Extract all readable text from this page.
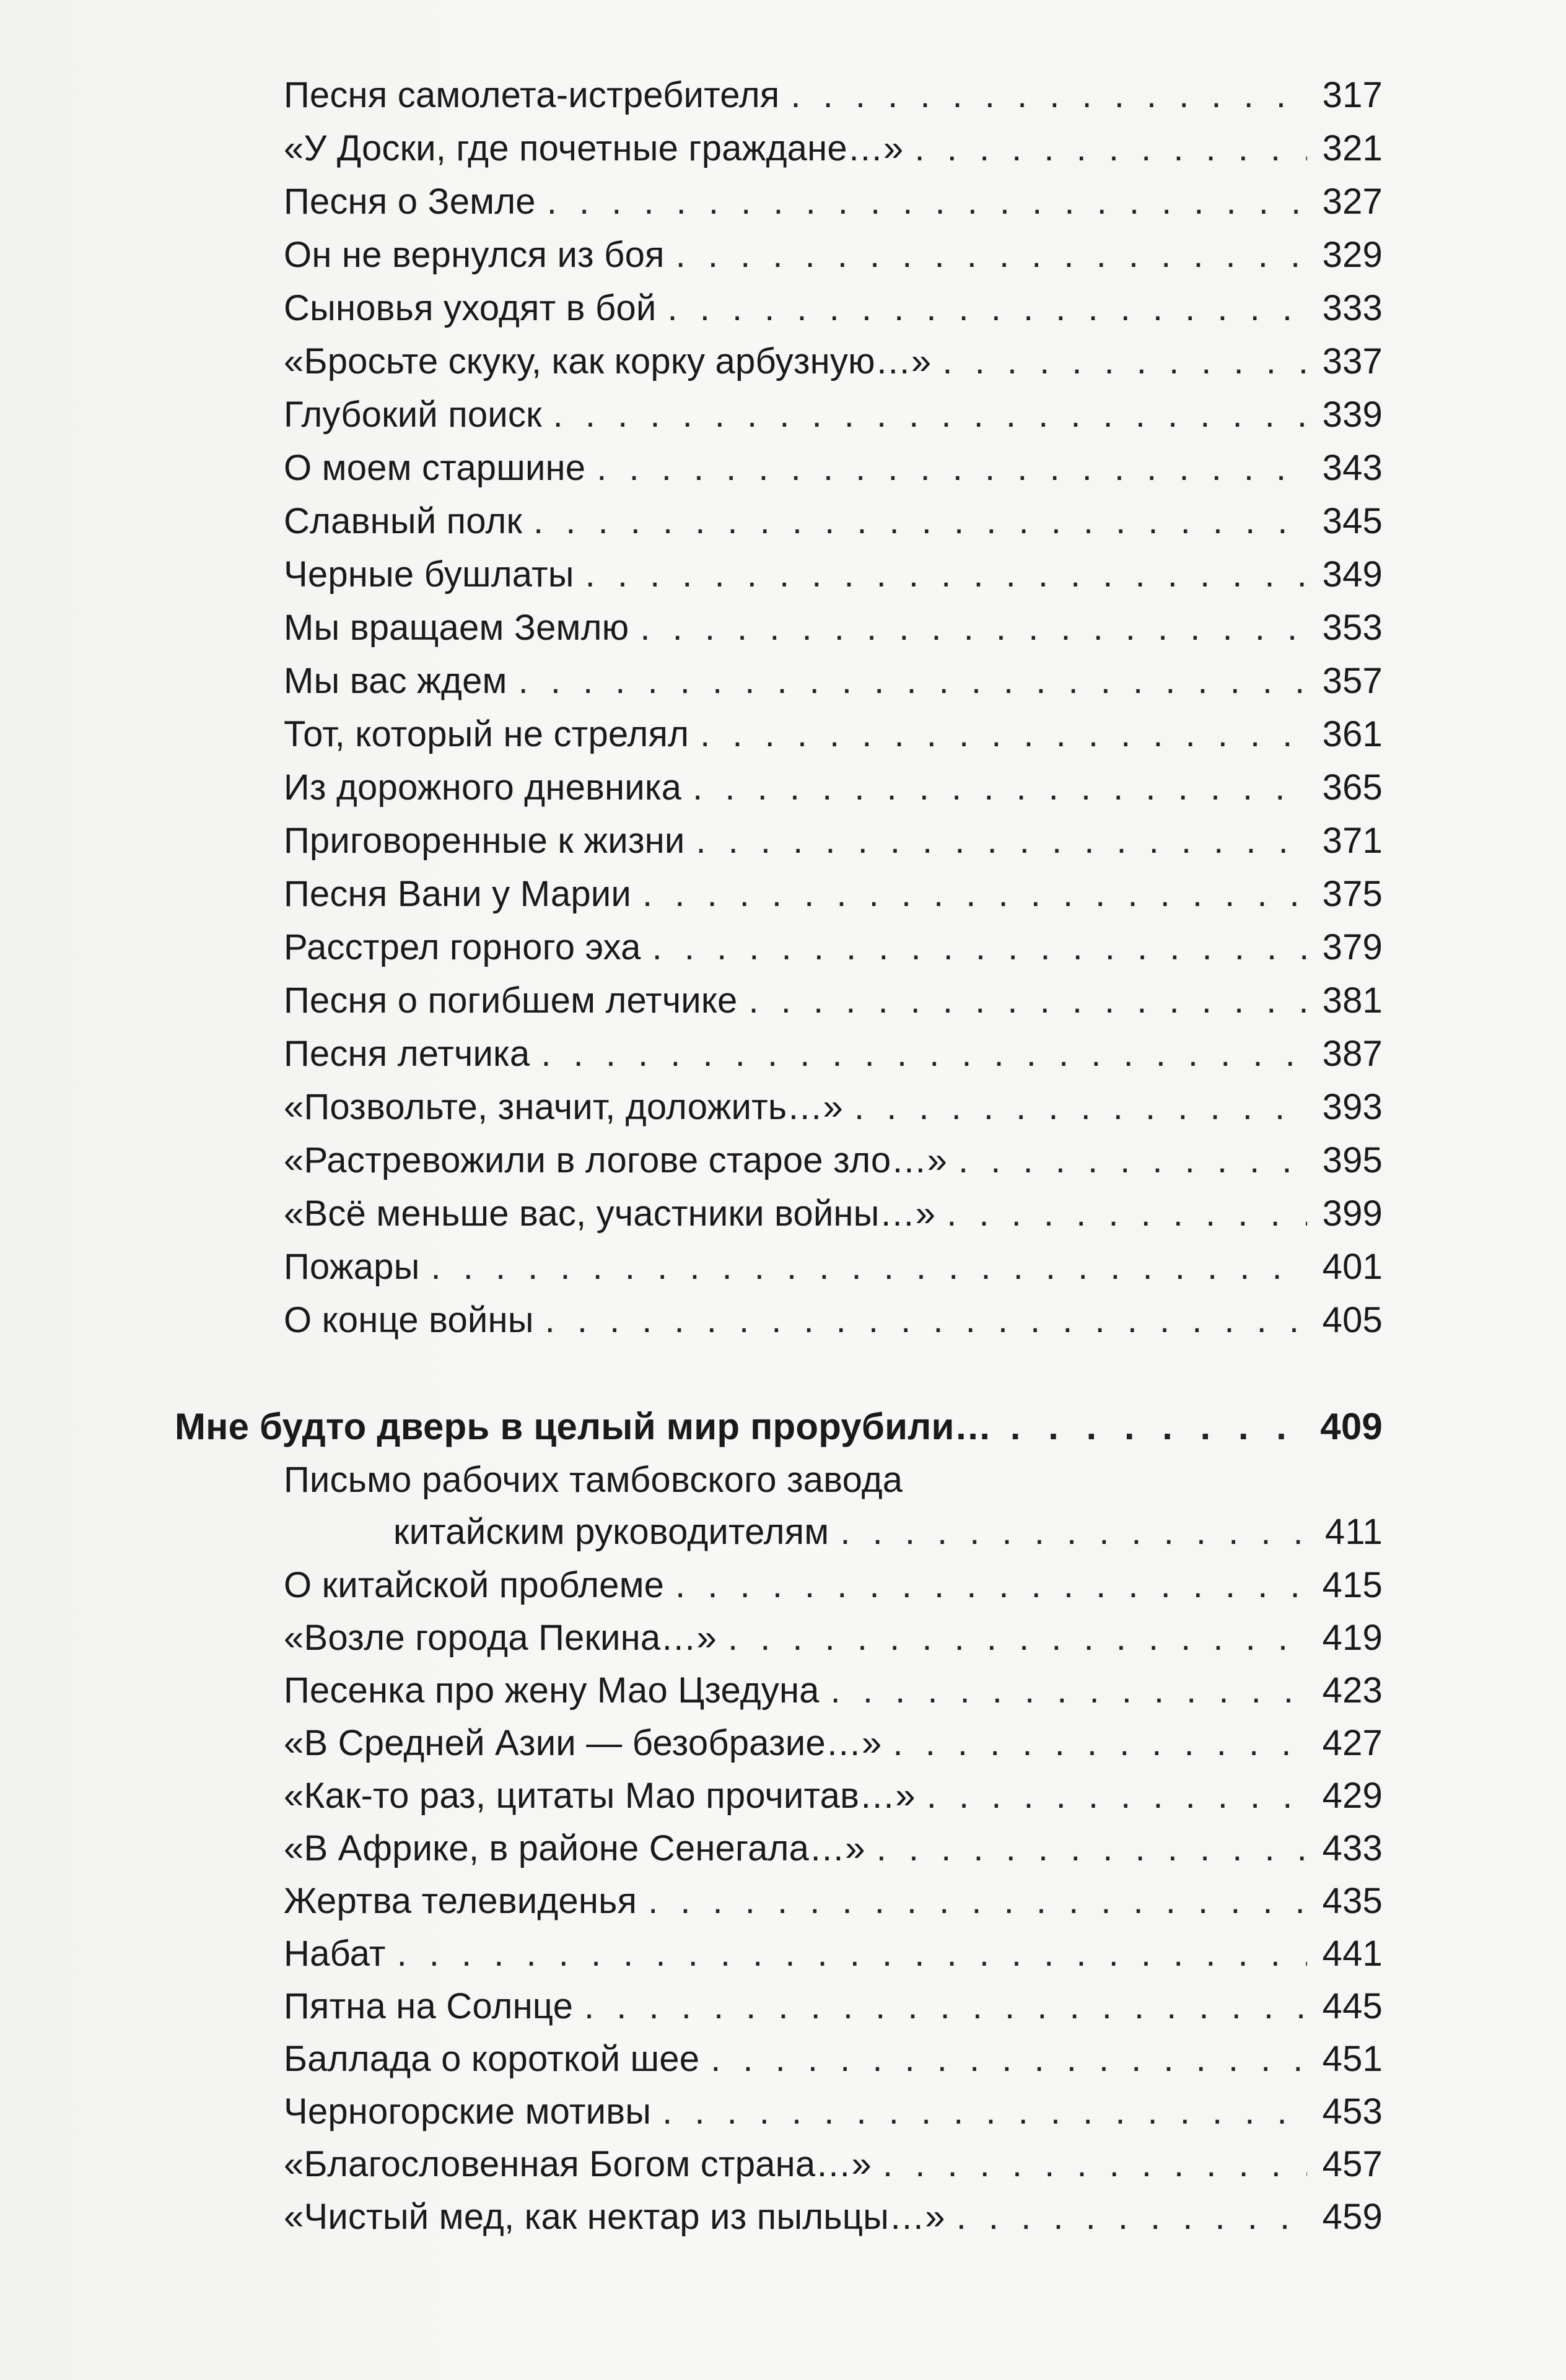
Песня самолета-истребителя . . .	317
«У Доски, где почетные граждане…» . . .	321
Песня о Земле . . .	327
Он не вернулся из боя . . .	329
Сыновья уходят в бой . . .	333
«Бросьте скуку, как корку арбузную…» . . .	337
Глубокий поиск . . .	339
О моем старшине . . .	343
Славный полк . . .	345
Черные бушлаты . . .	349
Мы вращаем Землю . . .	353
Мы вас ждем . . .	357
Тот, который не стрелял . . .	361
Из дорожного дневника . . .	365
Приговоренные к жизни . . .	371
Песня Вани у Марии . . .	375
Расстрел горного эха . . .	379
Песня о погибшем летчике . . .	381
Песня летчика . . .	387
«Позвольте, значит, доложить…» . . .	393
«Растревожили в логове старое зло…» . . .	395
«Всё меньше вас, участники войны…» . . .	399
Пожары . . .	401
О конце войны . . .	405
Мне будто дверь в целый мир прорубили… . . .	409
Письмо рабочих тамбовского завода
китайским руководителям . . .	411
О китайской проблеме . . .	415
«Возле города Пекина…» . . .	419
Песенка про жену Мао Цзедуна . . .	423
«В Средней Азии — безобразие…» . . .	427
«Как-то раз, цитаты Мао прочитав…» . . .	429
«В Африке, в районе Сенегала…» . . .	433
Жертва телевиденья . . .	435
Набат . . .	441
Пятна на Солнце . . .	445
Баллада о короткой шее . . .	451
Черногорские мотивы . . .	453
«Благословенная Богом страна…» . . .	457
«Чистый мед, как нектар из пыльцы…» . . .	459
